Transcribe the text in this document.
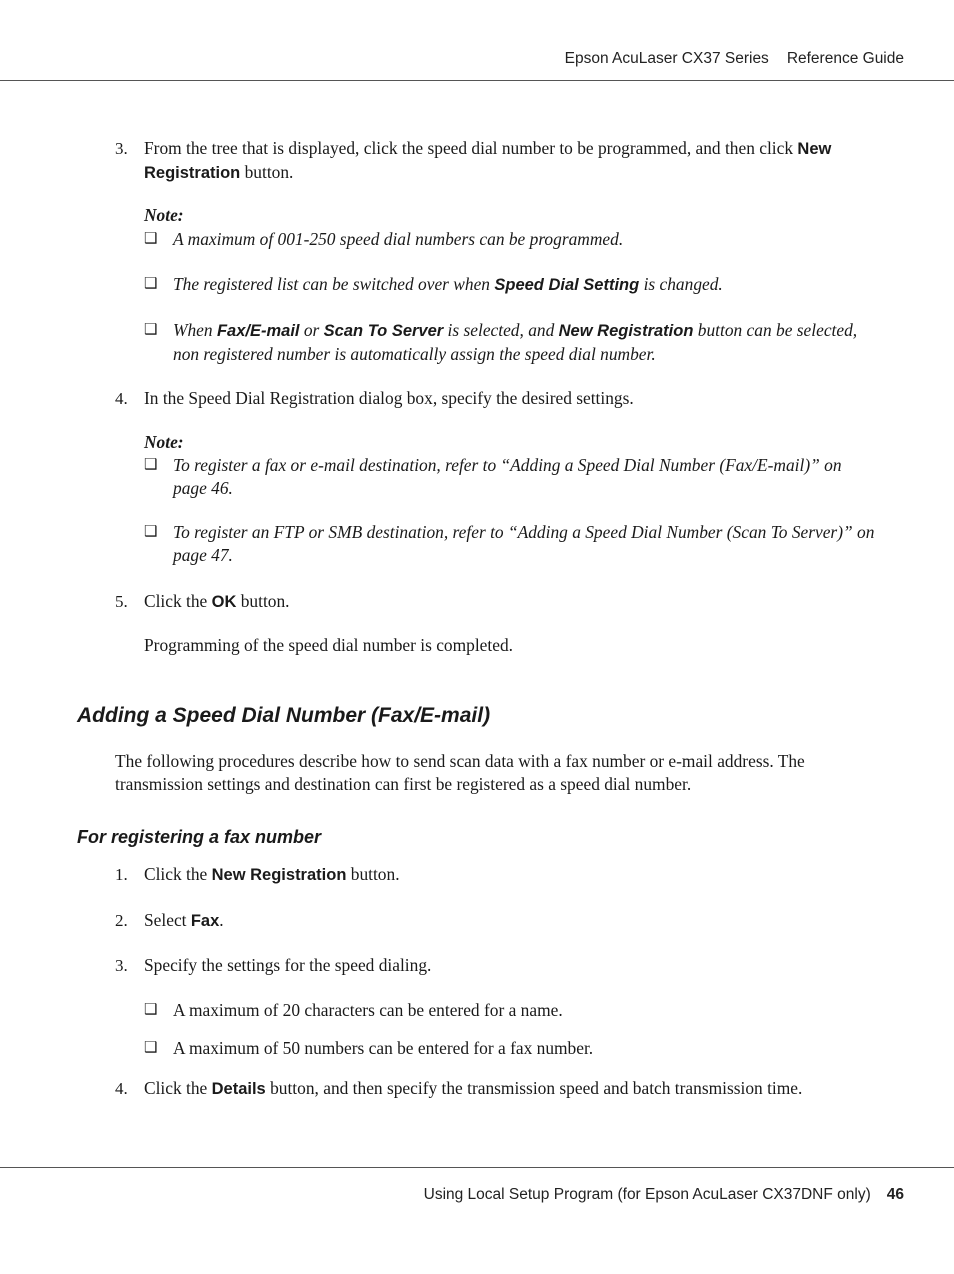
Epson AcuLaser CX37 Series Reference Guide
3. From the tree that is displayed, click the speed dial number to be programmed, and then click New Registration button.
Note:
❑ A maximum of 001-250 speed dial numbers can be programmed.
❑ The registered list can be switched over when Speed Dial Setting is changed.
❑ When Fax/E-mail or Scan To Server is selected, and New Registration button can be selected, non registered number is automatically assign the speed dial number.
4. In the Speed Dial Registration dialog box, specify the desired settings.
Note:
❑ To register a fax or e-mail destination, refer to “Adding a Speed Dial Number (Fax/E-mail)” on page 46.
❑ To register an FTP or SMB destination, refer to “Adding a Speed Dial Number (Scan To Server)” on page 47.
5. Click the OK button.
Programming of the speed dial number is completed.
Adding a Speed Dial Number (Fax/E-mail)
The following procedures describe how to send scan data with a fax number or e-mail address. The transmission settings and destination can first be registered as a speed dial number.
For registering a fax number
1. Click the New Registration button.
2. Select Fax.
3. Specify the settings for the speed dialing.
❑ A maximum of 20 characters can be entered for a name.
❑ A maximum of 50 numbers can be entered for a fax number.
4. Click the Details button, and then specify the transmission speed and batch transmission time.
Using Local Setup Program (for Epson AcuLaser CX37DNF only) 46
